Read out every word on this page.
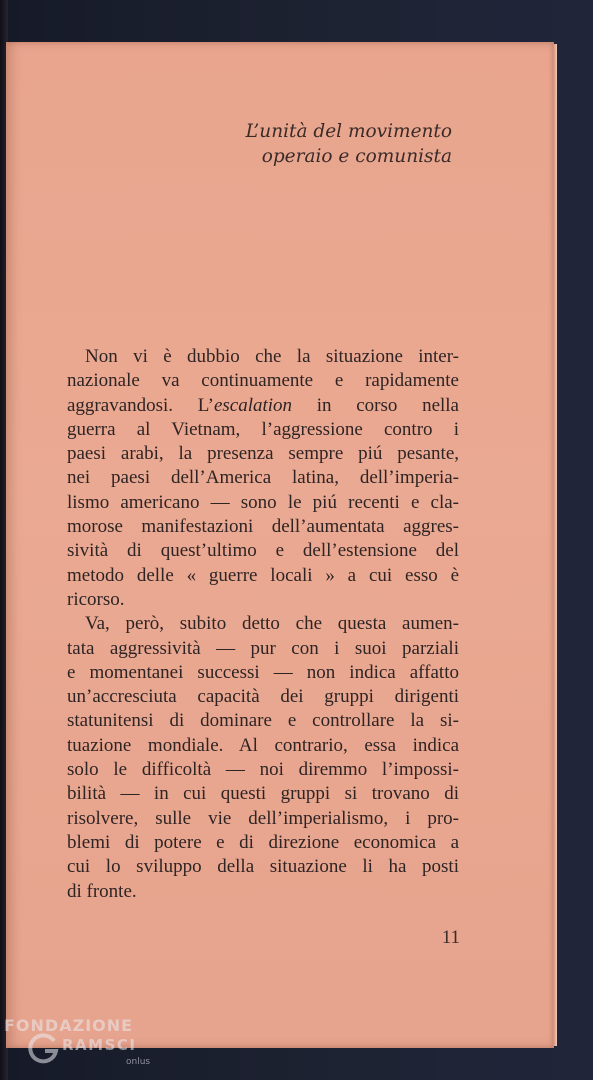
L’unità del movimento
operaio e comunista
Non vi è dubbio che la situazione inter-
nazionale va continuamente e rapidamente
aggravandosi. L’escalation in corso nella
guerra al Vietnam, l’aggressione contro i
paesi arabi, la presenza sempre piú pesante,
nei paesi dell’America latina, dell’imperia-
lismo americano — sono le piú recenti e cla-
morose manifestazioni dell’aumentata aggres-
sività di quest’ultimo e dell’estensione del
metodo delle « guerre locali » a cui esso è
ricorso.
Va, però, subito detto che questa aumen-
tata aggressività — pur con i suoi parziali
e momentanei successi — non indica affatto
un’accresciuta capacità dei gruppi dirigenti
statunitensi di dominare e controllare la si-
tuazione mondiale. Al contrario, essa indica
solo le difficoltà — noi diremmo l’impossi-
bilità — in cui questi gruppi si trovano di
risolvere, sulle vie dell’imperialismo, i pro-
blemi di potere e di direzione economica a
cui lo sviluppo della situazione li ha posti
di fronte.
11
FONDAZIONE
RAMSCI
onlus
